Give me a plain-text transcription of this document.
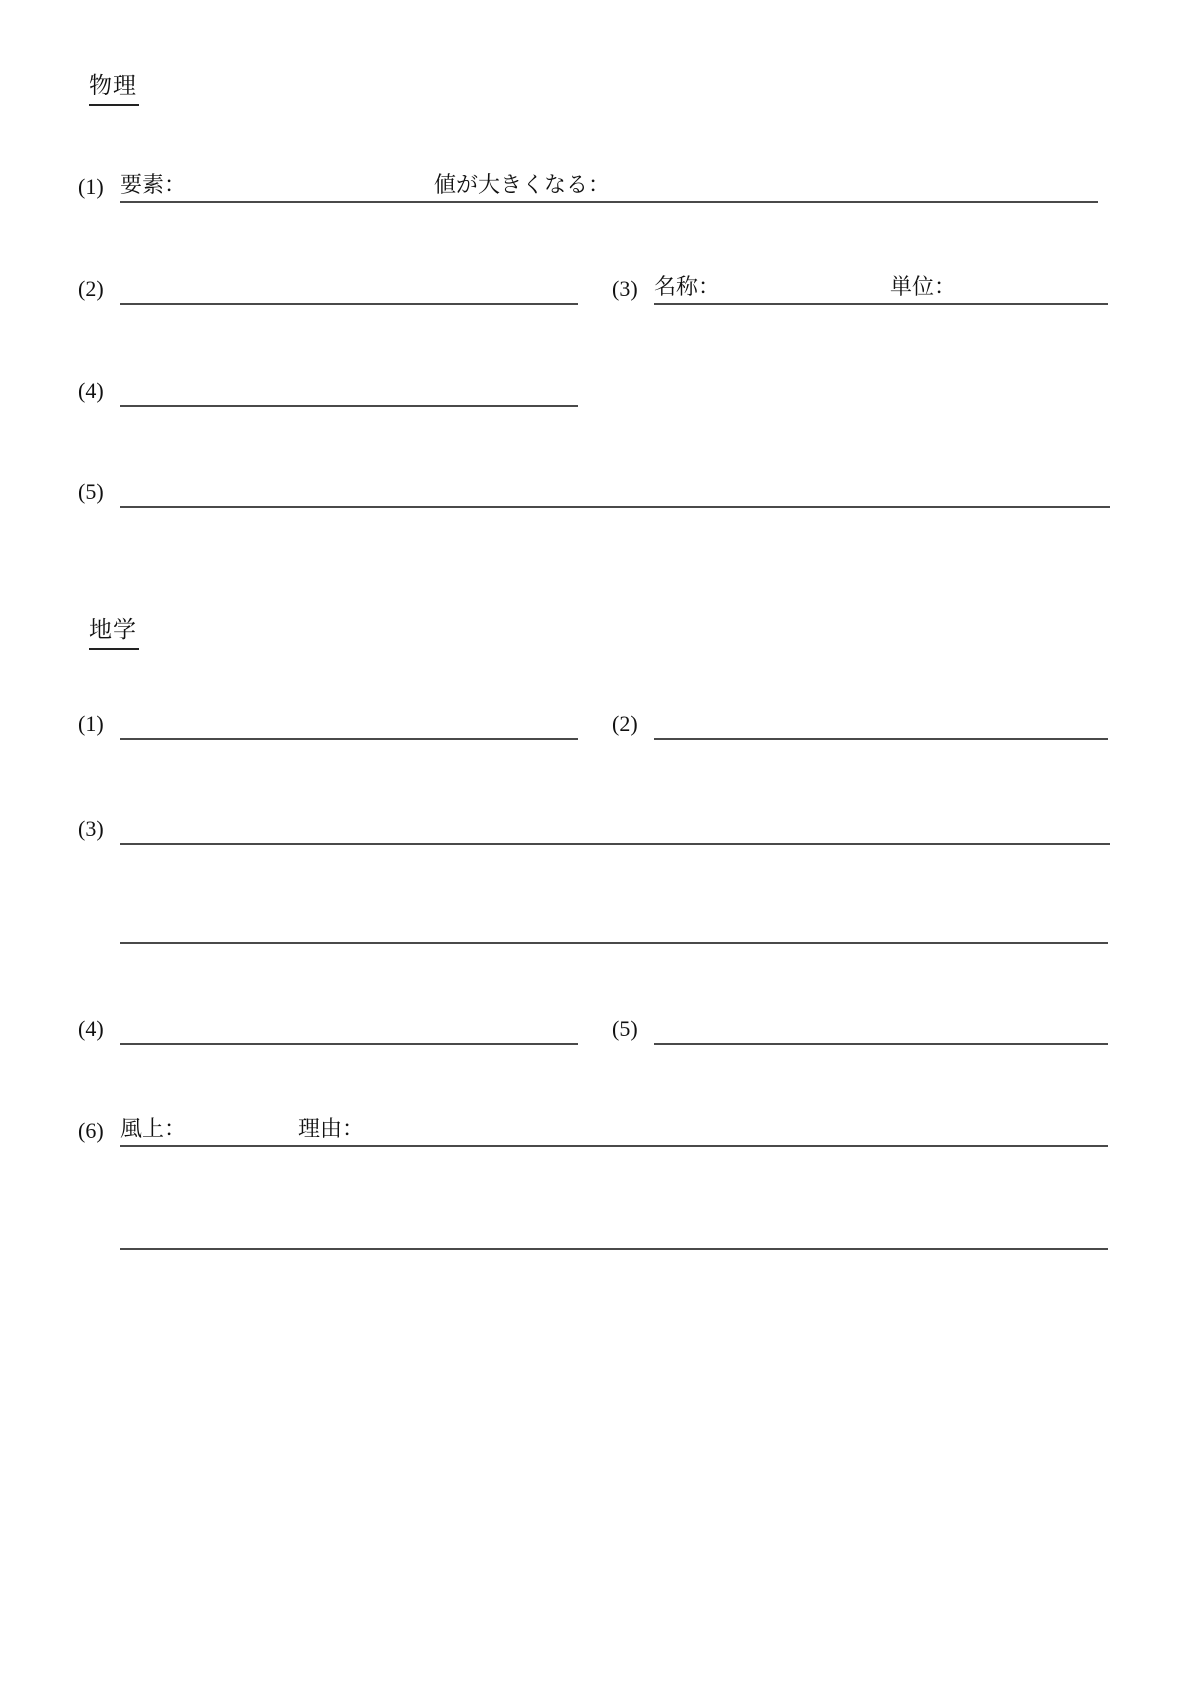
物理
(1) 要素：	値が大きくなる：
(2)	(3) 名称：	単位：
(4)
(5)
地学
(1)	(2)
(3)
(4)	(5)
(6) 風上：	理由：
